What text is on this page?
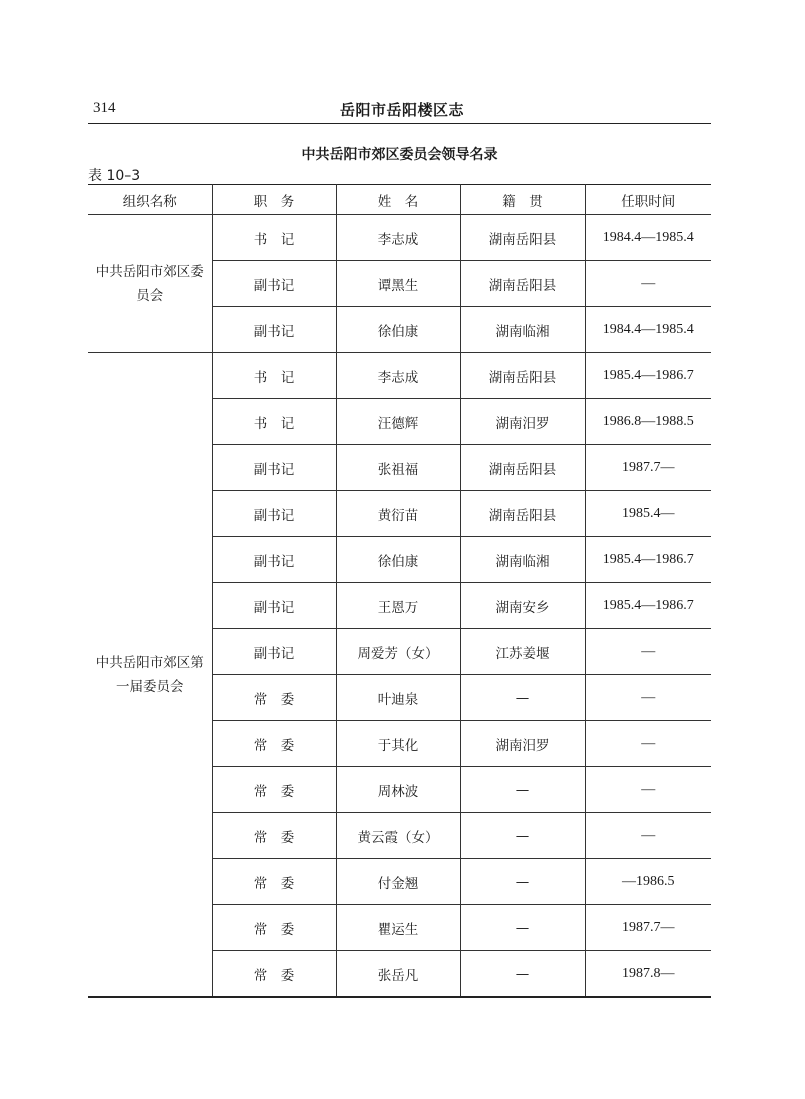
314	岳阳市岳阳楼区志
中共岳阳市郊区委员会领导名录
表 10–3
组织名称	职　务	姓　名	籍　贯	任职时间
中共岳阳市郊区委员会	书　记	李志成	湖南岳阳县	1984.4—1985.4
	副书记	谭黑生	湖南岳阳县	—
	副书记	徐伯康	湖南临湘	1984.4—1985.4
中共岳阳市郊区第一届委员会	书　记	李志成	湖南岳阳县	1985.4—1986.7
	书　记	汪德辉	湖南汨罗	1986.8—1988.5
	副书记	张祖福	湖南岳阳县	1987.7—
	副书记	黄衍苗	湖南岳阳县	1985.4—
	副书记	徐伯康	湖南临湘	1985.4—1986.7
	副书记	王恩万	湖南安乡	1985.4—1986.7
	副书记	周爱芳（女）	江苏姜堰	—
	常　委	叶迪泉	—	—
	常　委	于其化	湖南汨罗	—
	常　委	周林波	—	—
	常　委	黄云霞（女）	—	—
	常　委	付金翘	—	—1986.5
	常　委	瞿运生	—	1987.7—
	常　委	张岳凡	—	1987.8—
